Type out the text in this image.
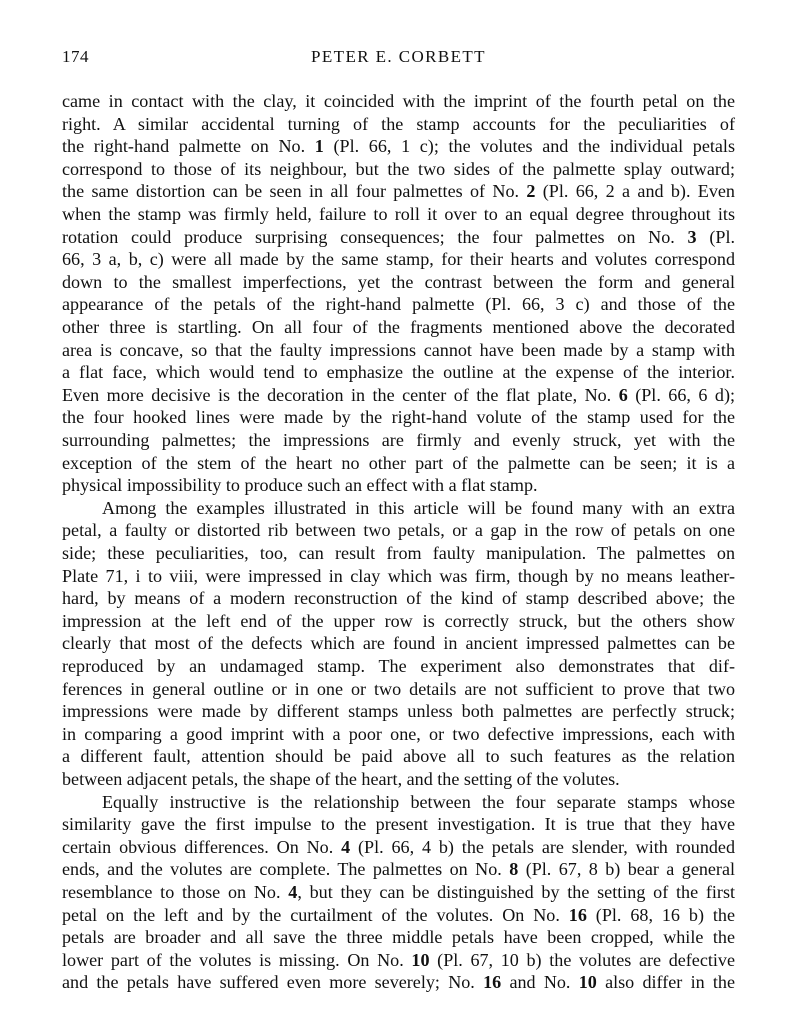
174	PETER E. CORBETT
came in contact with the clay, it coincided with the imprint of the fourth petal on the
right. A similar accidental turning of the stamp accounts for the peculiarities of
the right-hand palmette on No. 1 (Pl. 66, 1 c); the volutes and the individual petals
correspond to those of its neighbour, but the two sides of the palmette splay outward;
the same distortion can be seen in all four palmettes of No. 2 (Pl. 66, 2 a and b). Even
when the stamp was firmly held, failure to roll it over to an equal degree throughout its
rotation could produce surprising consequences; the four palmettes on No. 3 (Pl.
66, 3 a, b, c) were all made by the same stamp, for their hearts and volutes correspond
down to the smallest imperfections, yet the contrast between the form and general
appearance of the petals of the right-hand palmette (Pl. 66, 3 c) and those of the
other three is startling. On all four of the fragments mentioned above the decorated
area is concave, so that the faulty impressions cannot have been made by a stamp with
a flat face, which would tend to emphasize the outline at the expense of the interior.
Even more decisive is the decoration in the center of the flat plate, No. 6 (Pl. 66, 6 d);
the four hooked lines were made by the right-hand volute of the stamp used for the
surrounding palmettes; the impressions are firmly and evenly struck, yet with the
exception of the stem of the heart no other part of the palmette can be seen; it is a
physical impossibility to produce such an effect with a flat stamp.
Among the examples illustrated in this article will be found many with an extra
petal, a faulty or distorted rib between two petals, or a gap in the row of petals on one
side; these peculiarities, too, can result from faulty manipulation. The palmettes on
Plate 71, i to viii, were impressed in clay which was firm, though by no means leather-
hard, by means of a modern reconstruction of the kind of stamp described above; the
impression at the left end of the upper row is correctly struck, but the others show
clearly that most of the defects which are found in ancient impressed palmettes can be
reproduced by an undamaged stamp. The experiment also demonstrates that dif-
ferences in general outline or in one or two details are not sufficient to prove that two
impressions were made by different stamps unless both palmettes are perfectly struck;
in comparing a good imprint with a poor one, or two defective impressions, each with
a different fault, attention should be paid above all to such features as the relation
between adjacent petals, the shape of the heart, and the setting of the volutes.
Equally instructive is the relationship between the four separate stamps whose
similarity gave the first impulse to the present investigation. It is true that they have
certain obvious differences. On No. 4 (Pl. 66, 4 b) the petals are slender, with rounded
ends, and the volutes are complete. The palmettes on No. 8 (Pl. 67, 8 b) bear a general
resemblance to those on No. 4, but they can be distinguished by the setting of the first
petal on the left and by the curtailment of the volutes. On No. 16 (Pl. 68, 16 b) the
petals are broader and all save the three middle petals have been cropped, while the
lower part of the volutes is missing. On No. 10 (Pl. 67, 10 b) the volutes are defective
and the petals have suffered even more severely; No. 16 and No. 10 also differ in the
